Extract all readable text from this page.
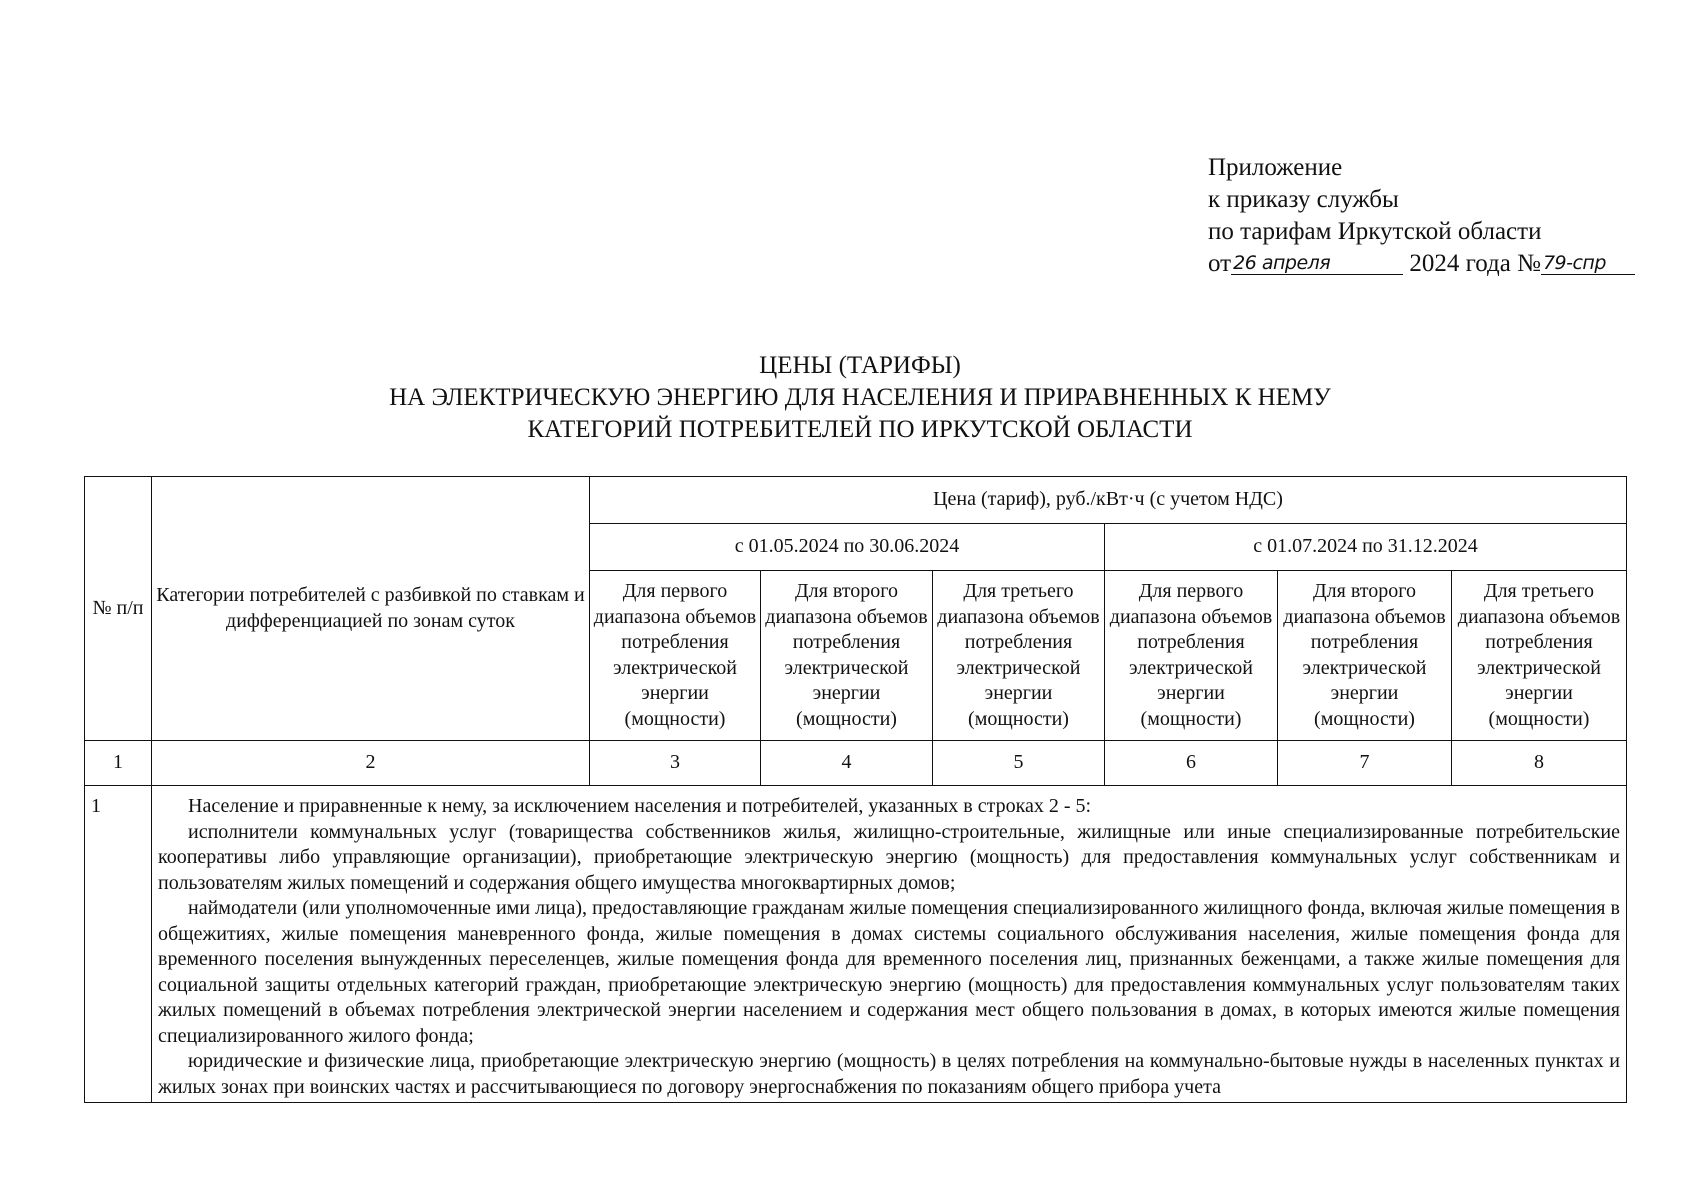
Приложение
к приказу службы
по тарифам Иркутской области
от 26 апреля	2024 года № 79-спр
ЦЕНЫ (ТАРИФЫ)
НА ЭЛЕКТРИЧЕСКУЮ ЭНЕРГИЮ ДЛЯ НАСЕЛЕНИЯ И ПРИРАВНЕННЫХ К НЕМУ
КАТЕГОРИЙ ПОТРЕБИТЕЛЕЙ ПО ИРКУТСКОЙ ОБЛАСТИ
№ п/п	Категории потребителей с разбивкой по ставкам и дифференциацией по зонам суток	Цена (тариф), руб./кВт·ч (с учетом НДС)					
		с 01.05.2024 по 30.06.2024			с 01.07.2024 по 31.12.2024		
		Для первого диапазона объемов потребления электрической энергии (мощности)	Для второго диапазона объемов потребления электрической энергии (мощности)	Для третьего диапазона объемов потребления электрической энергии (мощности)	Для первого диапазона объемов потребления электрической энергии (мощности)	Для второго диапазона объемов потребления электрической энергии (мощности)	Для третьего диапазона объемов потребления электрической энергии (мощности)
1	2	3	4	5	6	7	8
1	Население и приравненные к нему, за исключением населения и потребителей, указанных в строках 2 - 5:

исполнители коммунальных услуг (товарищества собственников жилья, жилищно-строительные, жилищные или иные специализированные потребительские кооперативы либо управляющие организации), приобретающие электрическую энергию (мощность) для предоставления коммунальных услуг собственникам и пользователям жилых помещений и содержания общего имущества многоквартирных домов;

наймодатели (или уполномоченные ими лица), предоставляющие гражданам жилые помещения специализированного жилищного фонда, включая жилые помещения в общежитиях, жилые помещения маневренного фонда, жилые помещения в домах системы социального обслуживания населения, жилые помещения фонда для временного поселения вынужденных переселенцев, жилые помещения фонда для временного поселения лиц, признанных беженцами, а также жилые помещения для социальной защиты отдельных категорий граждан, приобретающие электрическую энергию (мощность) для предоставления коммунальных услуг пользователям таких жилых помещений в объемах потребления электрической энергии населением и содержания мест общего пользования в домах, в которых имеются жилые помещения специализированного жилого фонда;

юридические и физические лица, приобретающие электрическую энергию (мощность) в целях потребления на коммунально-бытовые нужды в населенных пунктах и жилых зонах при воинских частях и рассчитывающиеся по договору энергоснабжения по показаниям общего прибора учета						
